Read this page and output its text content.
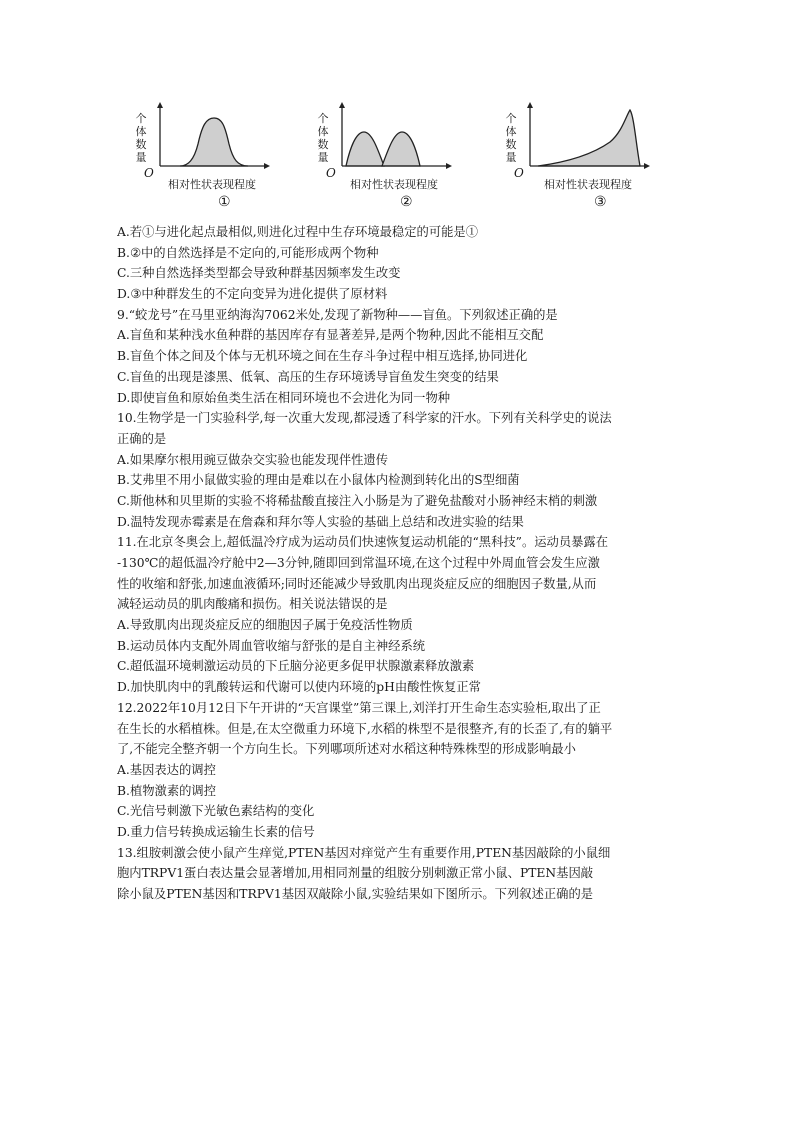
个体数量
O
相对性状表现程度
①
个体数量
O
相对性状表现程度
②
个体数量
O
相对性状表现程度
③
A.若①与进化起点最相似,则进化过程中生存环境最稳定的可能是①
B.②中的自然选择是不定向的,可能形成两个物种
C.三种自然选择类型都会导致种群基因频率发生改变
D.③中种群发生的不定向变异为进化提供了原材料
9.“蛟龙号”在马里亚纳海沟7062米处,发现了新物种——盲鱼。下列叙述正确的是
A.盲鱼和某种浅水鱼种群的基因库存有显著差异,是两个物种,因此不能相互交配
B.盲鱼个体之间及个体与无机环境之间在生存斗争过程中相互选择,协同进化
C.盲鱼的出现是漆黑、低氧、高压的生存环境诱导盲鱼发生突变的结果
D.即使盲鱼和原始鱼类生活在相同环境也不会进化为同一物种
10.生物学是一门实验科学,每一次重大发现,都浸透了科学家的汗水。下列有关科学史的说法
正确的是
A.如果摩尔根用豌豆做杂交实验也能发现伴性遗传
B.艾弗里不用小鼠做实验的理由是难以在小鼠体内检测到转化出的S型细菌
C.斯他林和贝里斯的实验不将稀盐酸直接注入小肠是为了避免盐酸对小肠神经末梢的刺激
D.温特发现赤霉素是在詹森和拜尔等人实验的基础上总结和改进实验的结果
11.在北京冬奥会上,超低温冷疗成为运动员们快速恢复运动机能的“黑科技”。运动员暴露在
-130℃的超低温冷疗舱中2—3分钟,随即回到常温环境,在这个过程中外周血管会发生应激
性的收缩和舒张,加速血液循环;同时还能减少导致肌肉出现炎症反应的细胞因子数量,从而
减轻运动员的肌肉酸痛和损伤。相关说法错误的是
A.导致肌肉出现炎症反应的细胞因子属于免疫活性物质
B.运动员体内支配外周血管收缩与舒张的是自主神经系统
C.超低温环境刺激运动员的下丘脑分泌更多促甲状腺激素释放激素
D.加快肌肉中的乳酸转运和代谢可以使内环境的pH由酸性恢复正常
12.2022年10月12日下午开讲的“天宫课堂”第三课上,刘洋打开生命生态实验柜,取出了正
在生长的水稻植株。但是,在太空微重力环境下,水稻的株型不是很整齐,有的长歪了,有的躺平
了,不能完全整齐朝一个方向生长。下列哪项所述对水稻这种特殊株型的形成影响最小
A.基因表达的调控
B.植物激素的调控
C.光信号刺激下光敏色素结构的变化
D.重力信号转换成运输生长素的信号
13.组胺刺激会使小鼠产生痒觉,PTEN基因对痒觉产生有重要作用,PTEN基因敲除的小鼠细
胞内TRPV1蛋白表达量会显著增加,用相同剂量的组胺分别刺激正常小鼠、PTEN基因敲
除小鼠及PTEN基因和TRPV1基因双敲除小鼠,实验结果如下图所示。下列叙述正确的是
